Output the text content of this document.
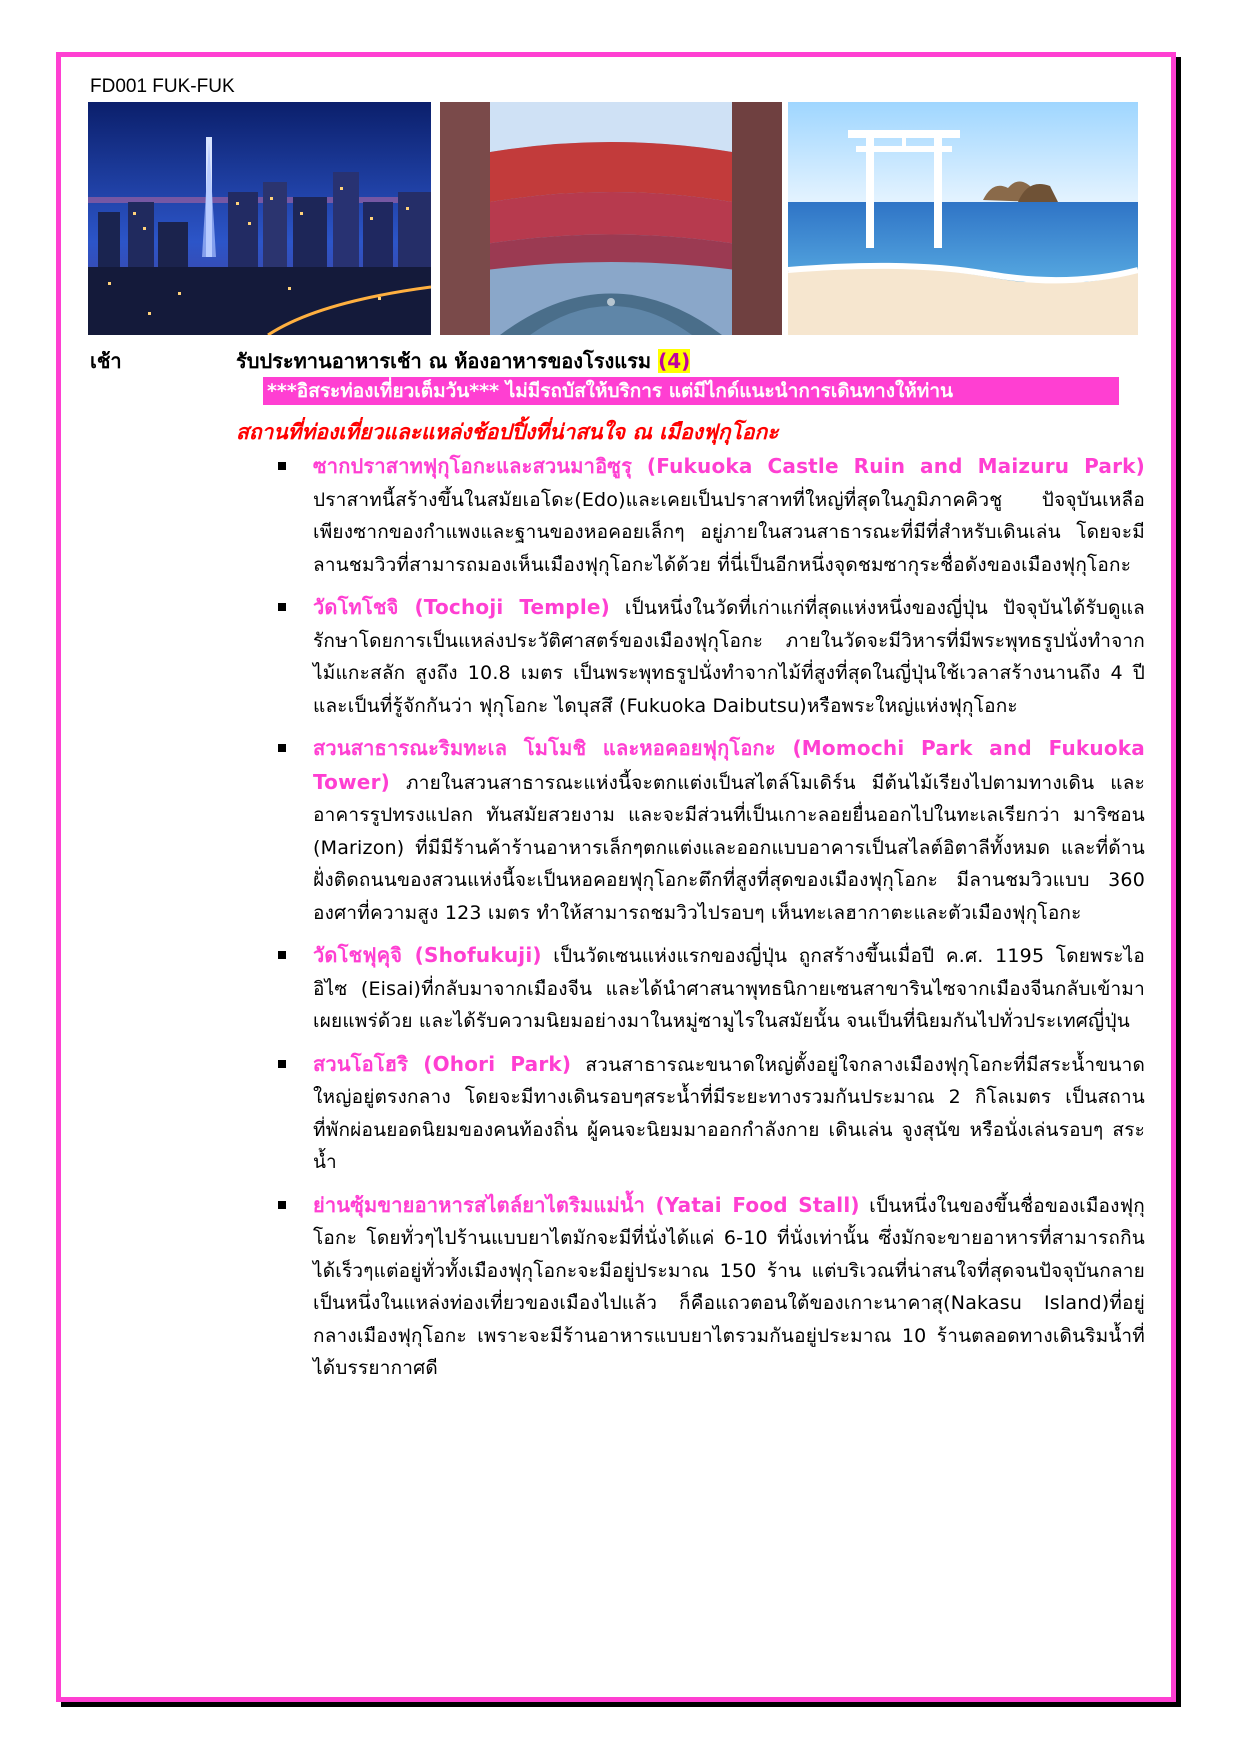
FD001 FUK-FUK
เช้า	รับประทานอาหารเช้า ณ ห้องอาหารของโรงแรม (4)
***อิสระท่องเที่ยวเต็มวัน*** ไม่มีรถบัสให้บริการ แต่มีไกด์แนะนำการเดินทางให้ท่าน
สถานที่ท่องเที่ยวและแหล่งช้อปปิ้งที่น่าสนใจ ณ เมืองฟุกุโอกะ
ซากปราสาทฟุกุโอกะและสวนมาอิซูรุ (Fukuoka Castle Ruin and Maizuru Park) ปราสาทนี้สร้างขึ้นในสมัยเอโดะ(Edo)และเคยเป็นปราสาทที่ใหญ่ที่สุดในภูมิภาคคิวชู ปัจจุบันเหลือเพียงซากของกำแพงและฐานของหอคอยเล็กๆ อยู่ภายในสวนสาธารณะที่มีที่สำหรับเดินเล่น โดยจะมีลานชมวิวที่สามารถมองเห็นเมืองฟุกุโอกะได้ด้วย ที่นี่เป็นอีกหนึ่งจุดชมซากุระชื่อดังของเมืองฟุกุโอกะ
วัดโทโชจิ (Tochoji Temple) เป็นหนึ่งในวัดที่เก่าแก่ที่สุดแห่งหนึ่งของญี่ปุ่น ปัจจุบันได้รับดูแลรักษาโดยการเป็นแหล่งประวัติศาสตร์ของเมืองฟุกุโอกะ ภายในวัดจะมีวิหารที่มีพระพุทธรูปนั่งทำจากไม้แกะสลัก สูงถึง 10.8 เมตร เป็นพระพุทธรูปนั่งทำจากไม้ที่สูงที่สุดในญี่ปุ่นใช้เวลาสร้างนานถึง 4 ปี และเป็นที่รู้จักกันว่า ฟุกุโอกะ ไดบุสสึ (Fukuoka Daibutsu)หรือพระใหญ่แห่งฟุกุโอกะ
สวนสาธารณะริมทะเล โมโมชิ และหอคอยฟุกุโอกะ (Momochi Park and Fukuoka Tower) ภายในสวนสาธารณะแห่งนี้จะตกแต่งเป็นสไตล์โมเดิร์น มีต้นไม้เรียงไปตามทางเดิน และอาคารรูปทรงแปลก ทันสมัยสวยงาม และจะมีส่วนที่เป็นเกาะลอยยื่นออกไปในทะเลเรียกว่า มาริซอน (Marizon) ที่มีมีร้านค้าร้านอาหารเล็กๆตกแต่งและออกแบบอาคารเป็นสไลต์อิตาลีทั้งหมด และที่ด้านฝั่งติดถนนของสวนแห่งนี้จะเป็นหอคอยฟุกุโอกะตึกที่สูงที่สุดของเมืองฟุกุโอกะ มีลานชมวิวแบบ 360 องศาที่ความสูง 123 เมตร ทำให้สามารถชมวิวไปรอบๆ เห็นทะเลฮากาตะและตัวเมืองฟุกุโอกะ
วัดโชฟุคุจิ (Shofukuji) เป็นวัดเซนแห่งแรกของญี่ปุ่น ถูกสร้างขึ้นเมื่อปี ค.ศ. 1195 โดยพระไอ อิไซ (Eisai)ที่กลับมาจากเมืองจีน และได้นำศาสนาพุทธนิกายเซนสาขารินไซจากเมืองจีนกลับเข้ามาเผยแพร่ด้วย และได้รับความนิยมอย่างมาในหมู่ซามูไรในสมัยนั้น จนเป็นที่นิยมกันไปทั่วประเทศญี่ปุ่น
สวนโอโฮริ (Ohori Park) สวนสาธารณะขนาดใหญ่ตั้งอยู่ใจกลางเมืองฟุกุโอกะที่มีสระน้ำขนาดใหญ่อยู่ตรงกลาง โดยจะมีทางเดินรอบๆสระน้ำที่มีระยะทางรวมกันประมาณ 2 กิโลเมตร เป็นสถานที่พักผ่อนยอดนิยมของคนท้องถิ่น ผู้คนจะนิยมมาออกกำลังกาย เดินเล่น จูงสุนัข หรือนั่งเล่นรอบๆ สระน้ำ
ย่านซุ้มขายอาหารสไตล์ยาไตริมแม่น้ำ (Yatai Food Stall) เป็นหนึ่งในของขึ้นชื่อของเมืองฟุกุโอกะ โดยทั่วๆไปร้านแบบยาไตมักจะมีที่นั่งได้แค่ 6-10 ที่นั่งเท่านั้น ซึ่งมักจะขายอาหารที่สามารถกินได้เร็วๆแต่อยู่ทั่วทั้งเมืองฟุกุโอกะจะมีอยู่ประมาณ 150 ร้าน แต่บริเวณที่น่าสนใจที่สุดจนปัจจุบันกลายเป็นหนึ่งในแหล่งท่องเที่ยวของเมืองไปแล้ว ก็คือแถวตอนใต้ของเกาะนาคาสุ(Nakasu Island)ที่อยู่กลางเมืองฟุกุโอกะ เพราะจะมีร้านอาหารแบบยาไตรวมกันอยู่ประมาณ 10 ร้านตลอดทางเดินริมน้ำที่ได้บรรยากาศดี
